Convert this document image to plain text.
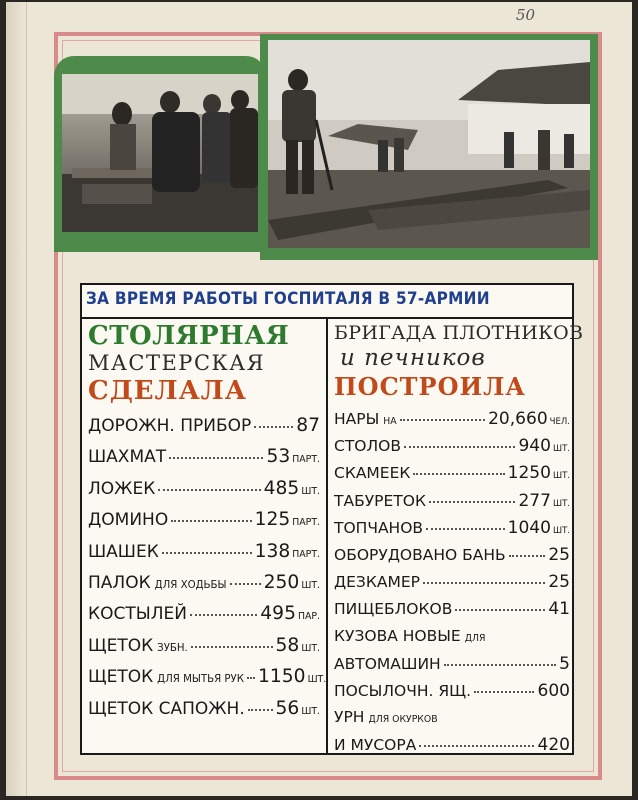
50
ЗА ВРЕМЯ РАБОТЫ ГОСПИТАЛЯ В 57-АРМИИ
СТОЛЯРНАЯ
МАСТЕРСКАЯ
СДЕЛАЛА
ДОРОЖН. ПРИБОР 87
ШАХМАТ	53 ПАРТ.
ЛОЖЕК	485 ШТ.
ДОМИНО	125 ПАРТ.
ШАШЕК	138 ПАРТ.
ПАЛОК ДЛЯ ХОДЬБЫ 250 ШТ.
КОСТЫЛЕЙ	495 ПАР.
ЩЕТОК ЗУБН.	58 ШТ.
ЩЕТОК ДЛЯ МЫТЬЯ РУК 1150 ШТ.
ЩЕТОК САПОЖН. 56 ШТ.
БРИГАДА ПЛОТНИКОВ
и печников
ПОСТРОИЛА
НАРЫ НА	20,660 ЧЕЛ.
СТОЛОВ	940 ШТ.
СКАМЕЕК	1250 ШТ.
ТАБУРЕТОК	277 ШТ.
ТОПЧАНОВ	1040 ШТ.
ОБОРУДОВАНО БАНЬ	25
ДЕЗКАМЕР	25
ПИЩЕБЛОКОВ	41
КУЗОВА НОВЫЕ ДЛЯ
АВТОМАШИН	5
ПОСЫЛОЧН. ЯЩ.	600
УРН ДЛЯ ОКУРКОВ
И МУСОРА	420
